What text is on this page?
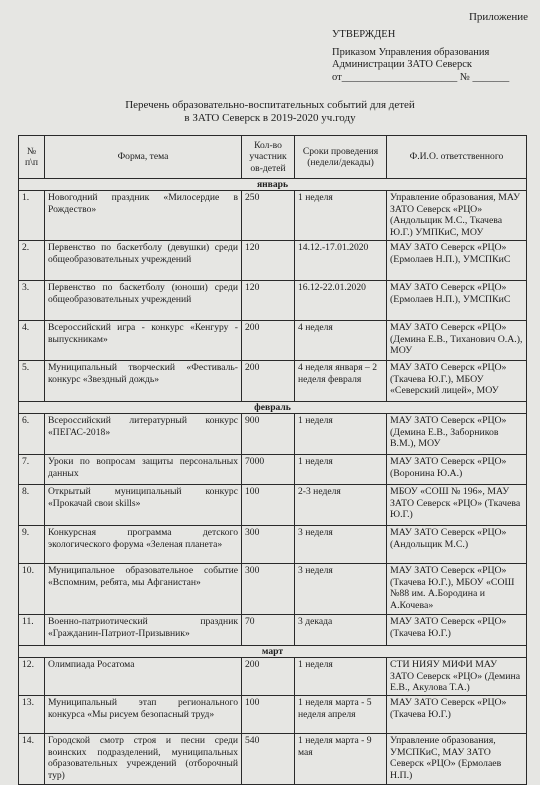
Приложение
УТВЕРЖДЕН
Приказом Управления образования
Администрации ЗАТО Северск
от______________________ № _______
Перечень образовательно-воспитательных событий для детей
в ЗАТО Северск в 2019-2020 уч.году
№ п\п	Форма, тема	Кол-во участник ов-детей	Сроки проведения (недели/декады)	Ф.И.О. ответственного
январь				
1.	Новогодний праздник «Милосердие в Рождество»	250	1 неделя	Управление образования, МАУ ЗАТО Северск «РЦО» (Андольщик М.С., Ткачева Ю.Г.) УМПКиС, МОУ
2.	Первенство по баскетболу (девушки) среди общеобразовательных учреждений	120	14.12.-17.01.2020	МАУ ЗАТО Северск «РЦО» (Ермолаев Н.П.), УМСПКиС
3.	Первенство по баскетболу (юноши) среди общеобразовательных учреждений	120	16.12-22.01.2020	МАУ ЗАТО Северск «РЦО» (Ермолаев Н.П.), УМСПКиС
4.	Всероссийский игра - конкурс «Кенгуру - выпускникам»	200	4 неделя	МАУ ЗАТО Северск «РЦО» (Демина Е.В., Тиханович О.А.), МОУ
5.	Муниципальный творческий «Фестиваль-конкурс «Звездный дождь»	200	4 неделя января – 2 неделя февраля	МАУ ЗАТО Северск «РЦО» (Ткачева Ю.Г.), МБОУ «Северский лицей», МОУ
февраль				
6.	Всероссийский литературный конкурс «ПЕГАС-2018»	900	1 неделя	МАУ ЗАТО Северск «РЦО» (Демина Е.В., Заборников В.М.), МОУ
7.	Уроки по вопросам защиты персональных данных	7000	1 неделя	МАУ ЗАТО Северск «РЦО» (Воронина Ю.А.)
8.	Открытый муниципальный конкурс «Прокачай свои skills»	100	2-3 неделя	МБОУ «СОШ № 196», МАУ ЗАТО Северск «РЦО» (Ткачева Ю.Г.)
9.	Конкурсная программа детского экологического форума «Зеленая планета»	300	3 неделя	МАУ ЗАТО Северск «РЦО» (Андольщик М.С.)
10.	Муниципальное образовательное событие «Вспомним, ребята, мы Афганистан»	300	3 неделя	МАУ ЗАТО Северск «РЦО» (Ткачева Ю.Г.), МБОУ «СОШ №88 им. А.Бородина и А.Кочева»
11.	Военно-патриотический праздник «Гражданин-Патриот-Призывник»	70	3 декада	МАУ ЗАТО Северск «РЦО» (Ткачева Ю.Г.)
март				
12.	Олимпиада Росатома	200	1 неделя	СТИ НИЯУ МИФИ МАУ ЗАТО Северск «РЦО» (Демина Е.В., Акулова Т.А.)
13.	Муниципальный этап регионального конкурса «Мы рисуем безопасный труд»	100	1 неделя марта - 5 неделя апреля	МАУ ЗАТО Северск «РЦО» (Ткачева Ю.Г.)
14.	Городской смотр строя и песни среди воинских подразделений, муниципальных образовательных учреждений (отборочный тур)	540	1 неделя марта - 9 мая	Управление образования, УМСПКиС, МАУ ЗАТО Северск «РЦО» (Ермолаев Н.П.)
